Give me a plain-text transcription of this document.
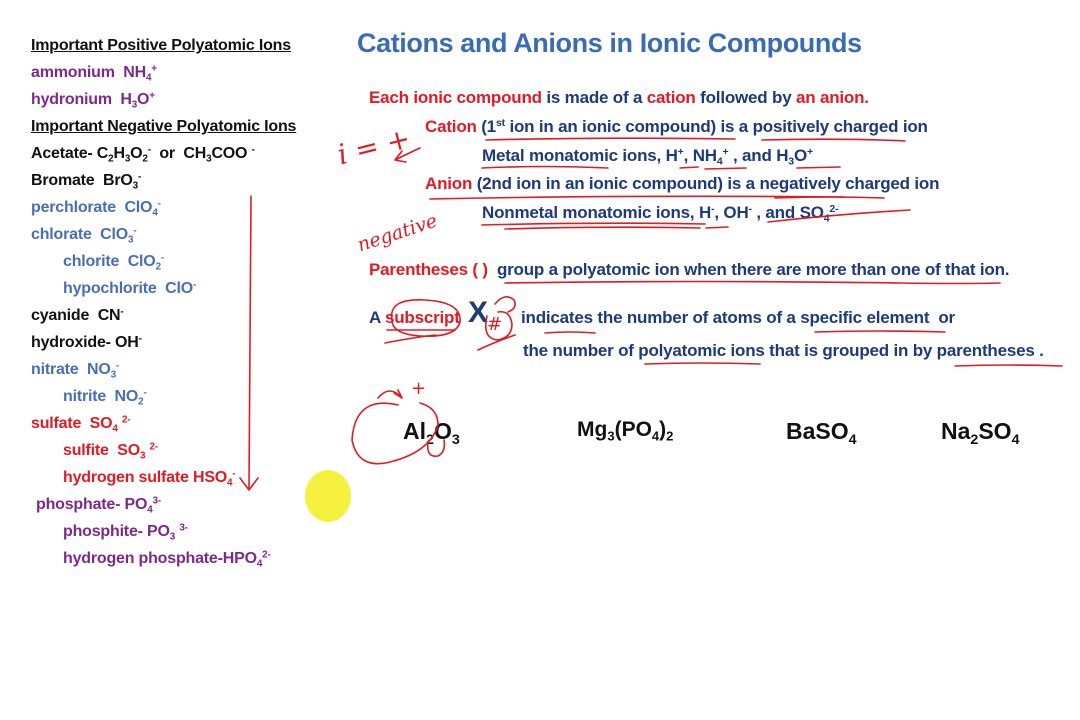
Important Positive Polyatomic Ions
ammonium $NH_4^+$
hydronium $H_3O^+$
Important Negative Polyatomic Ions
Acetate- $C_2H_3O_2^-$ or $CH_3COO$ -
Bromate BrO$_3$-
perchlorate ClO$_4$-
chlorate ClO$_3$-
chlorite ClO$_2$-
hypochlorite ClO-
cyanide CN-
hydroxide- OH-
nitrate $NO_3^-$
nitrite $NO_2^-$
sulfate $SO_4$ $^{2-}$
sulfite $SO_3$ $^{2-}$
hydrogen sulfate $HSO_4^-$
phosphate- $PO_4^{3-}$
phosphite- $PO_3$ $^{3-}$
hydrogen phosphate-$HPO_4^{2-}$
Cations and Anions in Ionic Compounds
Each ionic compound is made of a cation followed by an anion.
Cation (1st ion in an ionic compound) is a positively charged ion
Metal monatomic ions, H+, $NH_4^+$ , and $H_3O^+$
Anion (2nd ion in an ionic compound) is a negatively charged ion
Nonmetal monatomic ions, H-, OH- , and $SO_4^{2-}$
Parentheses ( ) group a polyatomic ion when there are more than one of that ion.
A subscript X indicates the number of atoms of a specific element or
the number of polyatomic ions that is grouped in by parentheses .
$Al_2O_3$	$Mg_3(PO_4)_2$	BaSO$_4$	$Na_2SO_4$
i = +
negative
+
#
